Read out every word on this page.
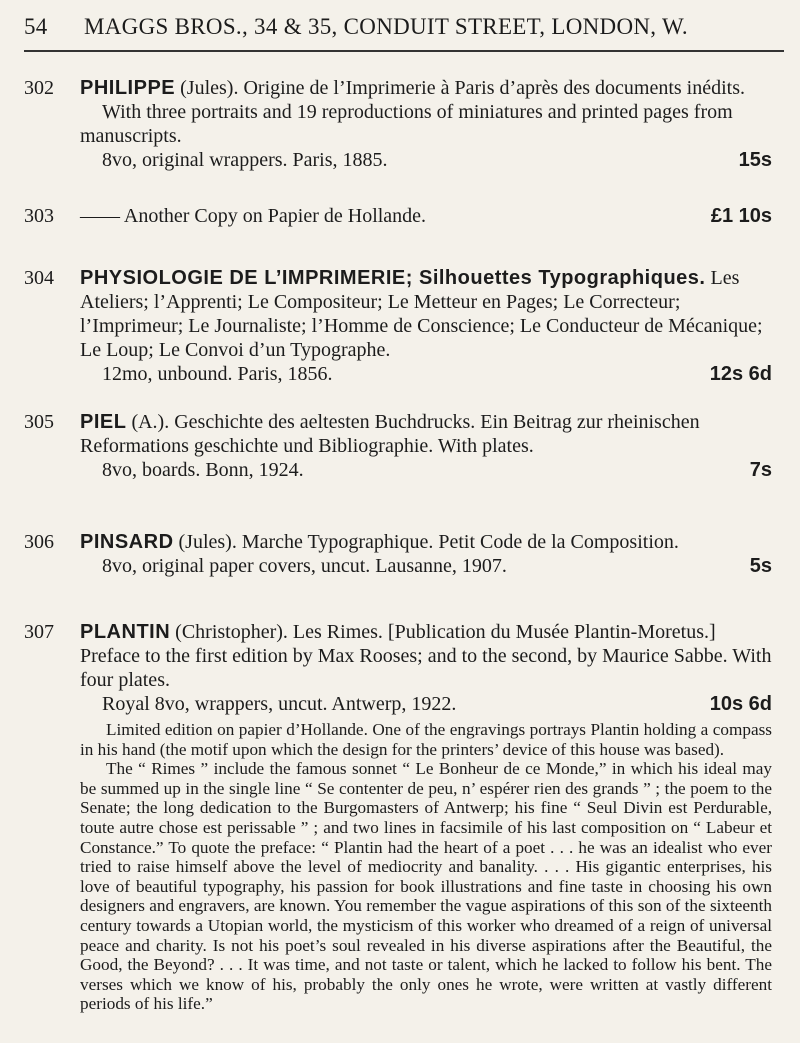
54 MAGGS BROS., 34 & 35, CONDUIT STREET, LONDON, W.
302	PHILIPPE (Jules). Origine de l’Imprimerie à Paris d’après des documents inédits.
With three portraits and 19 reproductions of miniatures and printed pages from manuscripts.
8vo, original wrappers. Paris, 1885.	15s
303	—— Another Copy on Papier de Hollande.	£1 10s
304	PHYSIOLOGIE DE L’IMPRIMERIE; Silhouettes Typographiques. Les Ateliers; l’Apprenti; Le Compositeur; Le Metteur en Pages; Le Correcteur; l’Imprimeur; Le Journaliste; l’Homme de Conscience; Le Conducteur de Mécanique; Le Loup; Le Convoi d’un Typographe.
12mo, unbound. Paris, 1856.	12s 6d
305	PIEL (A.). Geschichte des aeltesten Buchdrucks. Ein Beitrag zur rheinischen Reformations geschichte und Bibliographie. With plates.
8vo, boards. Bonn, 1924.	7s
306	PINSARD (Jules). Marche Typographique. Petit Code de la Composition.
8vo, original paper covers, uncut. Lausanne, 1907.	5s
307	PLANTIN (Christopher). Les Rimes. [Publication du Musée Plantin-Moretus.] Preface to the first edition by Max Rooses; and to the second, by Maurice Sabbe. With four plates.
Royal 8vo, wrappers, uncut. Antwerp, 1922.	10s 6d
Limited edition on papier d’Hollande. One of the engravings portrays Plantin holding a compass in his hand (the motif upon which the design for the printers’ device of this house was based).
The “ Rimes ” include the famous sonnet “ Le Bonheur de ce Monde,” in which his ideal may be summed up in the single line “ Se contenter de peu, n’ espérer rien des grands ” ; the poem to the Senate; the long dedication to the Burgomasters of Antwerp; his fine “ Seul Divin est Perdurable, toute autre chose est perissable ” ; and two lines in facsimile of his last composition on “ Labeur et Constance.” To quote the preface: “ Plantin had the heart of a poet . . . he was an idealist who ever tried to raise himself above the level of mediocrity and banality. . . . His gigantic enterprises, his love of beautiful typography, his passion for book illustrations and fine taste in choosing his own designers and engravers, are known. You remember the vague aspirations of this son of the sixteenth century towards a Utopian world, the mysticism of this worker who dreamed of a reign of universal peace and charity. Is not his poet’s soul revealed in his diverse aspirations after the Beautiful, the Good, the Beyond? . . . It was time, and not taste or talent, which he lacked to follow his bent. The verses which we know of his, probably the only ones he wrote, were written at vastly different periods of his life.”
